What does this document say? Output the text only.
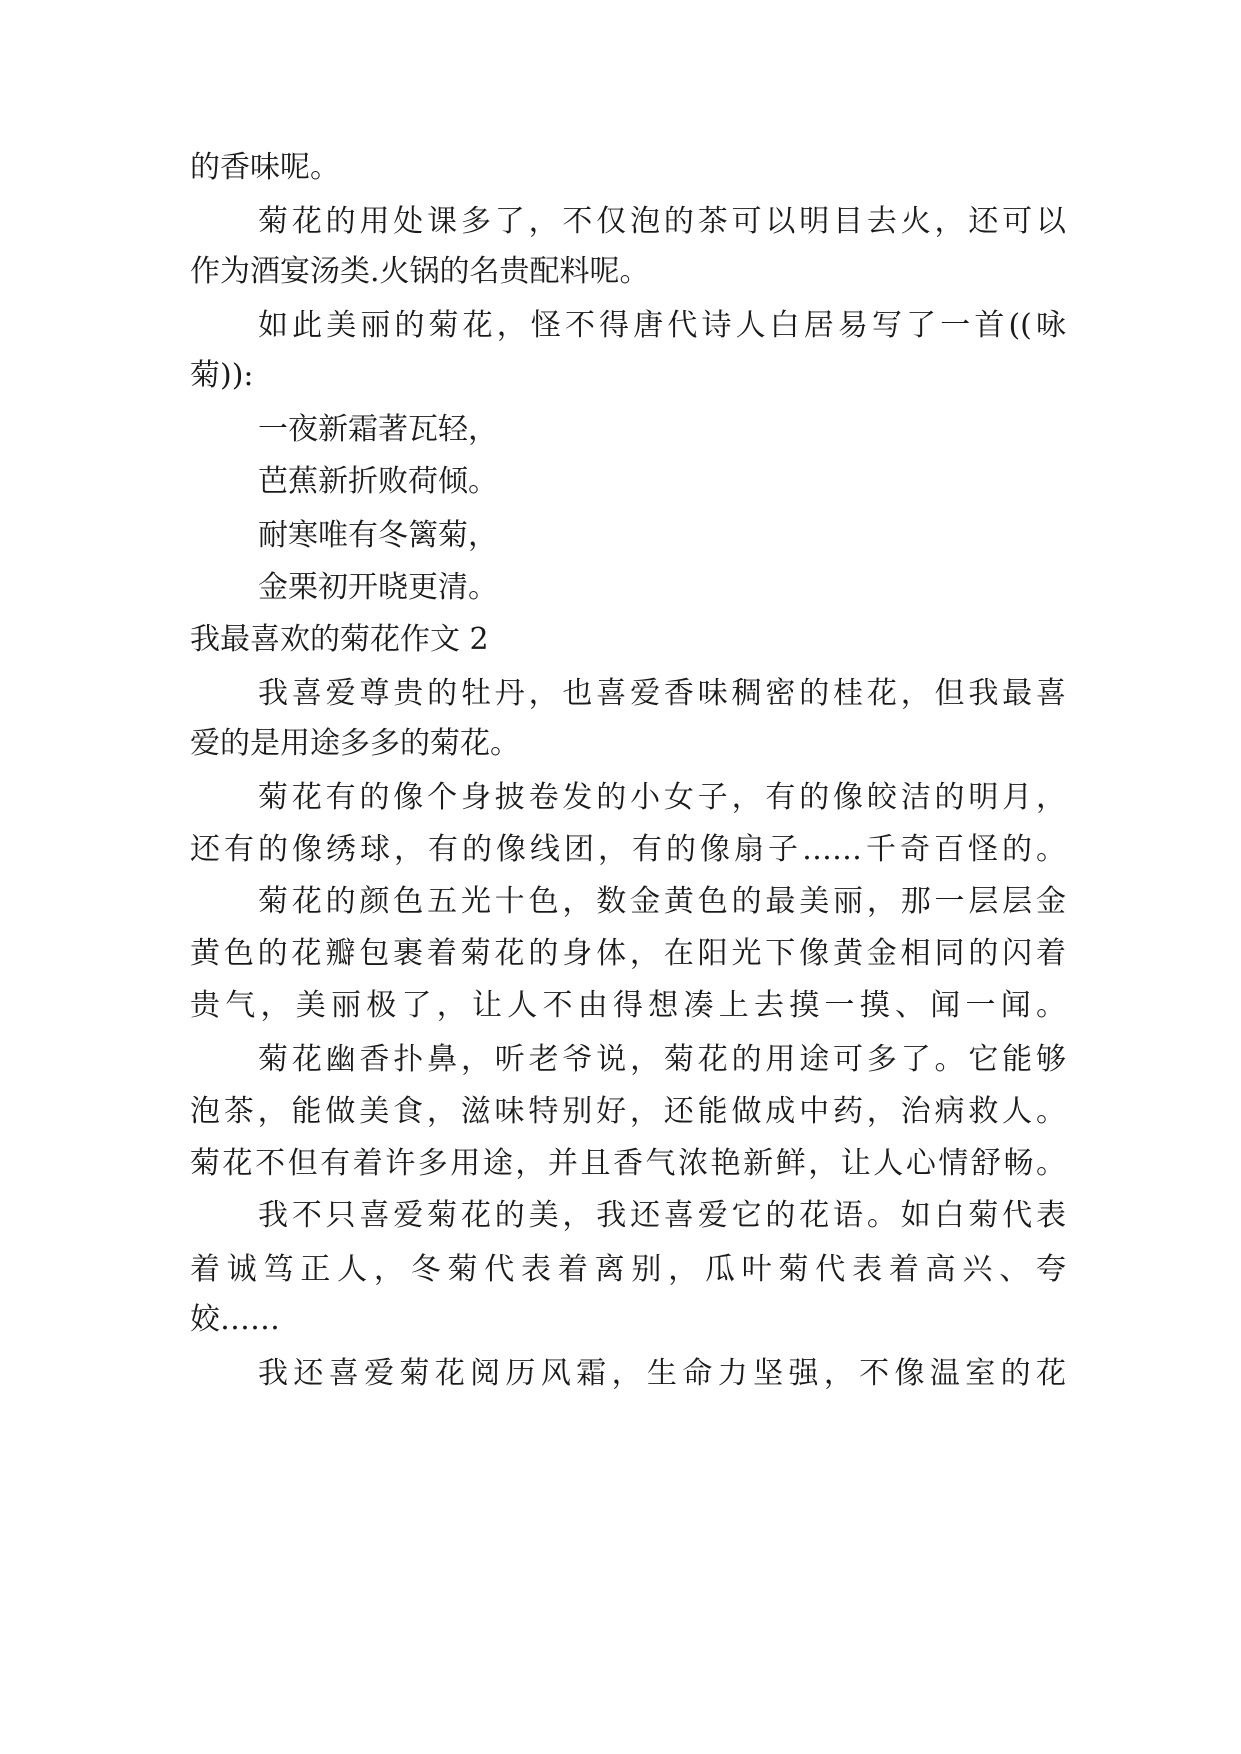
的香味呢。
菊花的用处课多了，不仅泡的茶可以明目去火，还可以
作为酒宴汤类.火锅的名贵配料呢。
如此美丽的菊花，怪不得唐代诗人白居易写了一首((咏
菊)):
一夜新霜著瓦轻，
芭蕉新折败荷倾。
耐寒唯有冬篱菊，
金栗初开晓更清。
我最喜欢的菊花作文 2
我喜爱尊贵的牡丹，也喜爱香味稠密的桂花，但我最喜
爱的是用途多多的菊花。
菊花有的像个身披卷发的小女子，有的像皎洁的明月，
还有的像绣球，有的像线团，有的像扇子……千奇百怪的。
菊花的颜色五光十色，数金黄色的最美丽，那一层层金
黄色的花瓣包裹着菊花的身体，在阳光下像黄金相同的闪着
贵气，美丽极了，让人不由得想凑上去摸一摸、闻一闻。
菊花幽香扑鼻，听老爷说，菊花的用途可多了。它能够
泡茶，能做美食，滋味特别好，还能做成中药，治病救人。
菊花不但有着许多用途，并且香气浓艳新鲜，让人心情舒畅。
我不只喜爱菊花的美，我还喜爱它的花语。如白菊代表
着诚笃正人，冬菊代表着离别，瓜叶菊代表着高兴、夸
姣……
我还喜爱菊花阅历风霜，生命力坚强，不像温室的花
